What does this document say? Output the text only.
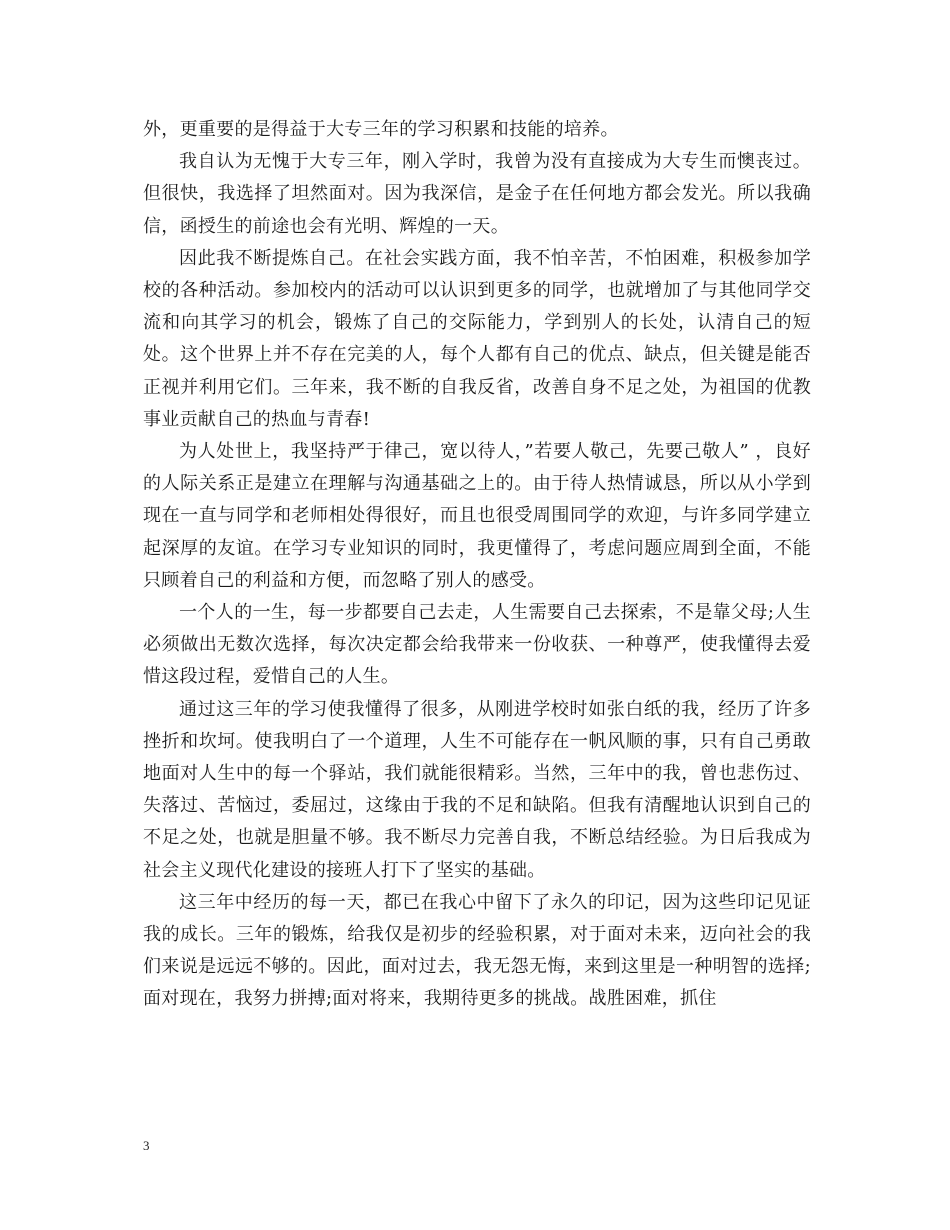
外，更重要的是得益于大专三年的学习积累和技能的培养。

我自认为无愧于大专三年，刚入学时，我曾为没有直接成为大专生而懊丧过。但很快，我选择了坦然面对。因为我深信，是金子在任何地方都会发光。所以我确信，函授生的前途也会有光明、辉煌的一天。

因此我不断提炼自己。在社会实践方面，我不怕辛苦，不怕困难，积极参加学校的各种活动。参加校内的活动可以认识到更多的同学，也就增加了与其他同学交流和向其学习的机会，锻炼了自己的交际能力，学到别人的长处，认清自己的短处。这个世界上并不存在完美的人，每个人都有自己的优点、缺点，但关键是能否正视并利用它们。三年来，我不断的自我反省，改善自身不足之处，为祖国的优教事业贡献自己的热血与青春!

为人处世上，我坚持严于律己，宽以待人，”若要人敬己，先要己敬人” ，良好的人际关系正是建立在理解与沟通基础之上的。由于待人热情诚恳，所以从小学到现在一直与同学和老师相处得很好，而且也很受周围同学的欢迎，与许多同学建立起深厚的友谊。在学习专业知识的同时，我更懂得了，考虑问题应周到全面，不能只顾着自己的利益和方便，而忽略了别人的感受。

一个人的一生，每一步都要自己去走，人生需要自己去探索，不是靠父母;人生必须做出无数次选择，每次决定都会给我带来一份收获、一种尊严，使我懂得去爱惜这段过程，爱惜自己的人生。

通过这三年的学习使我懂得了很多，从刚进学校时如张白纸的我，经历了许多挫折和坎坷。使我明白了一个道理，人生不可能存在一帆风顺的事，只有自己勇敢地面对人生中的每一个驿站，我们就能很精彩。当然，三年中的我，曾也悲伤过、失落过、苦恼过，委屈过，这缘由于我的不足和缺陷。但我有清醒地认识到自己的不足之处，也就是胆量不够。我不断尽力完善自我，不断总结经验。为日后我成为社会主义现代化建设的接班人打下了坚实的基础。

这三年中经历的每一天，都已在我心中留下了永久的印记，因为这些印记见证我的成长。三年的锻炼，给我仅是初步的经验积累，对于面对未来，迈向社会的我们来说是远远不够的。因此，面对过去，我无怨无悔，来到这里是一种明智的选择;面对现在，我努力拼搏;面对将来，我期待更多的挑战。战胜困难，抓住

3
